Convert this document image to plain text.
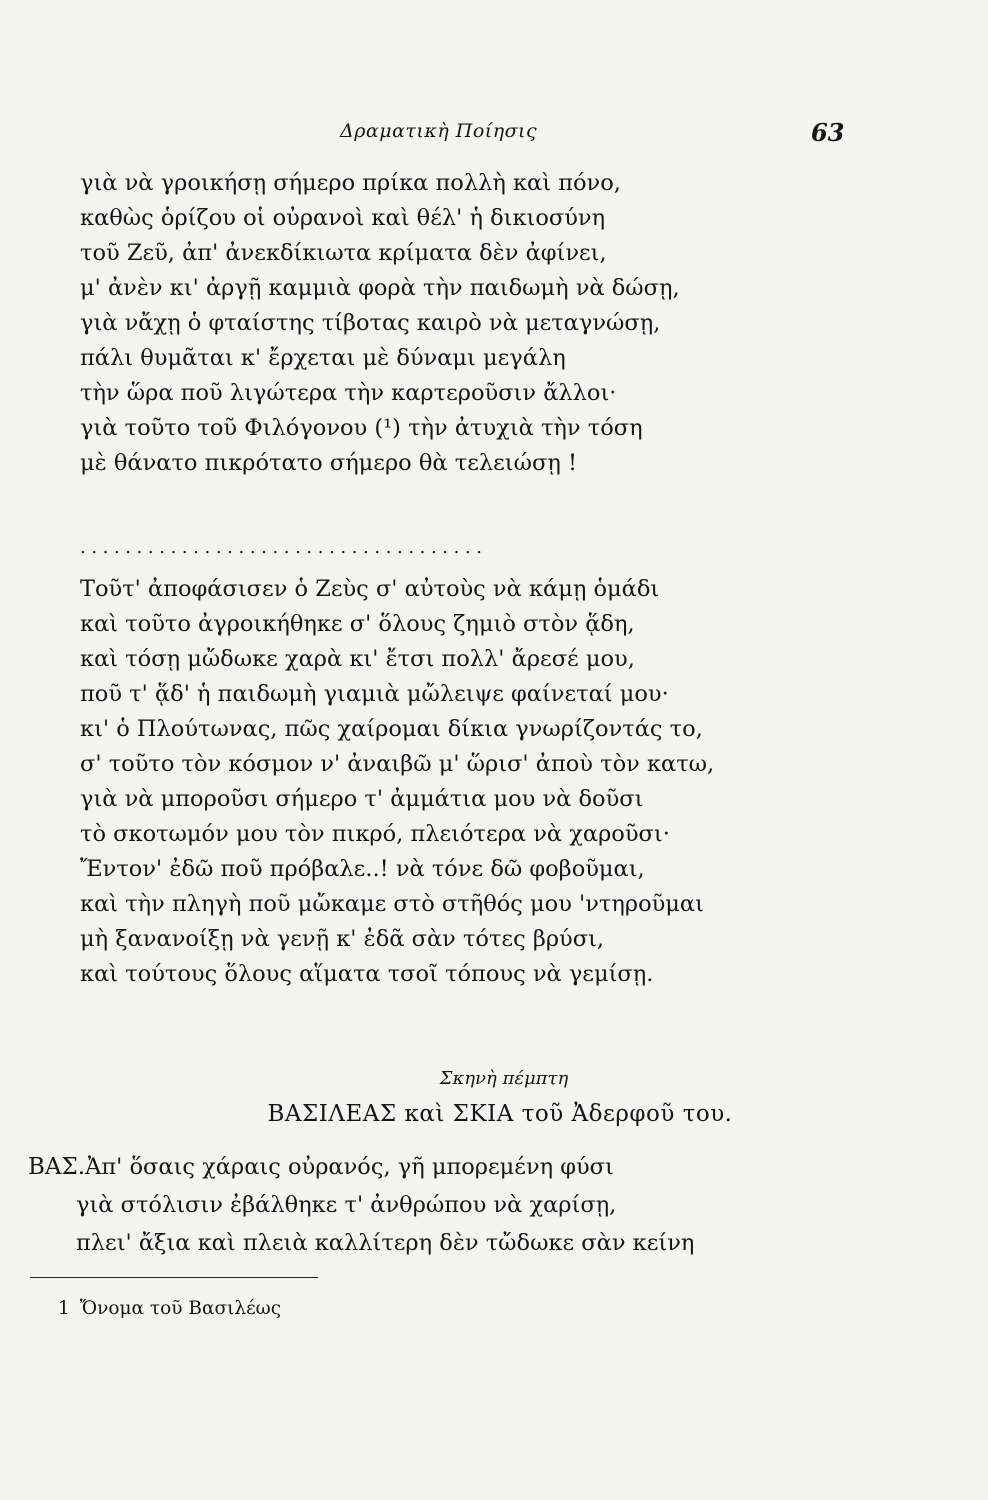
Δραματικὴ Ποίησις	63
γιὰ νὰ γροικήσῃ σήμερο πρίκα πολλὴ καὶ πόνο,
καθὼς ὁρίζου οἱ οὐρανοὶ καὶ θέλ' ἡ δικιοσύνη
τοῦ Ζεῦ, ἀπ' ἀνεκδίκιωτα κρίματα δὲν ἀφίνει,
μ' ἀνὲν κι' ἀργῇ καμμιὰ φορὰ τὴν παιδωμὴ νὰ δώσῃ,
γιὰ νἄχῃ ὁ φταίστης τίβοτας καιρὸ νὰ μεταγνώσῃ,
πάλι θυμᾶται κ' ἔρχεται μὲ δύναμι μεγάλη
τὴν ὥρα ποῦ λιγώτερα τὴν καρτεροῦσιν ἄλλοι·
γιὰ τοῦτο τοῦ Φιλόγονου (¹) τὴν ἀτυχιὰ τὴν τόση
μὲ θάνατο πικρότατο σήμερο θὰ τελειώσῃ !
....................................
Τοῦτ' ἀποφάσισεν ὁ Ζεὺς σ' αὐτοὺς νὰ κάμῃ ὁμάδι
καὶ τοῦτο ἀγροικήθηκε σ' ὅλους ζημιὸ στὸν ᾅδη,
καὶ τόσῃ μὤδωκε χαρὰ κι' ἔτσι πολλ' ἄρεσέ μου,
ποῦ τ' ᾅδ' ἡ παιδωμὴ γιαμιὰ μὤλειψε φαίνεταί μου·
κι' ὁ Πλούτωνας, πῶς χαίρομαι δίκια γνωρίζοντάς το,
σ' τοῦτο τὸν κόσμον ν' ἀναιβῶ μ' ὥρισ' ἀποὺ τὸν κατω,
γιὰ νὰ μποροῦσι σήμερο τ' ἀμμάτια μου νὰ δοῦσι
τὸ σκοτωμόν μου τὸν πικρό, πλειότερα νὰ χαροῦσι·
Ἔντον' ἐδῶ ποῦ πρόβαλε..! νὰ τόνε δῶ φοβοῦμαι,
καὶ τὴν πληγὴ ποῦ μὤκαμε στὸ στῆθός μου 'ντηροῦμαι
μὴ ξανανοίξῃ νὰ γενῇ κ' ἐδᾶ σὰν τότες βρύσι,
καὶ τούτους ὅλους αἵματα τσοῖ τόπους νὰ γεμίσῃ.
Σκηνὴ πέμπτη
ΒΑΣΙΛΕΑΣ καὶ ΣΚΙΑ τοῦ Ἀδερφοῦ του.
ΒΑΣ.Ἀπ' ὅσαις χάραις οὐρανός, γῆ μπορεμένη φύσι
γιὰ στόλισιν ἐβάλθηκε τ' ἀνθρώπου νὰ χαρίσῃ,
πλει' ἄξια καὶ πλειὰ καλλίτερη δὲν τὤδωκε σὰν κείνη
1 Ὄνομα τοῦ Βασιλέως
